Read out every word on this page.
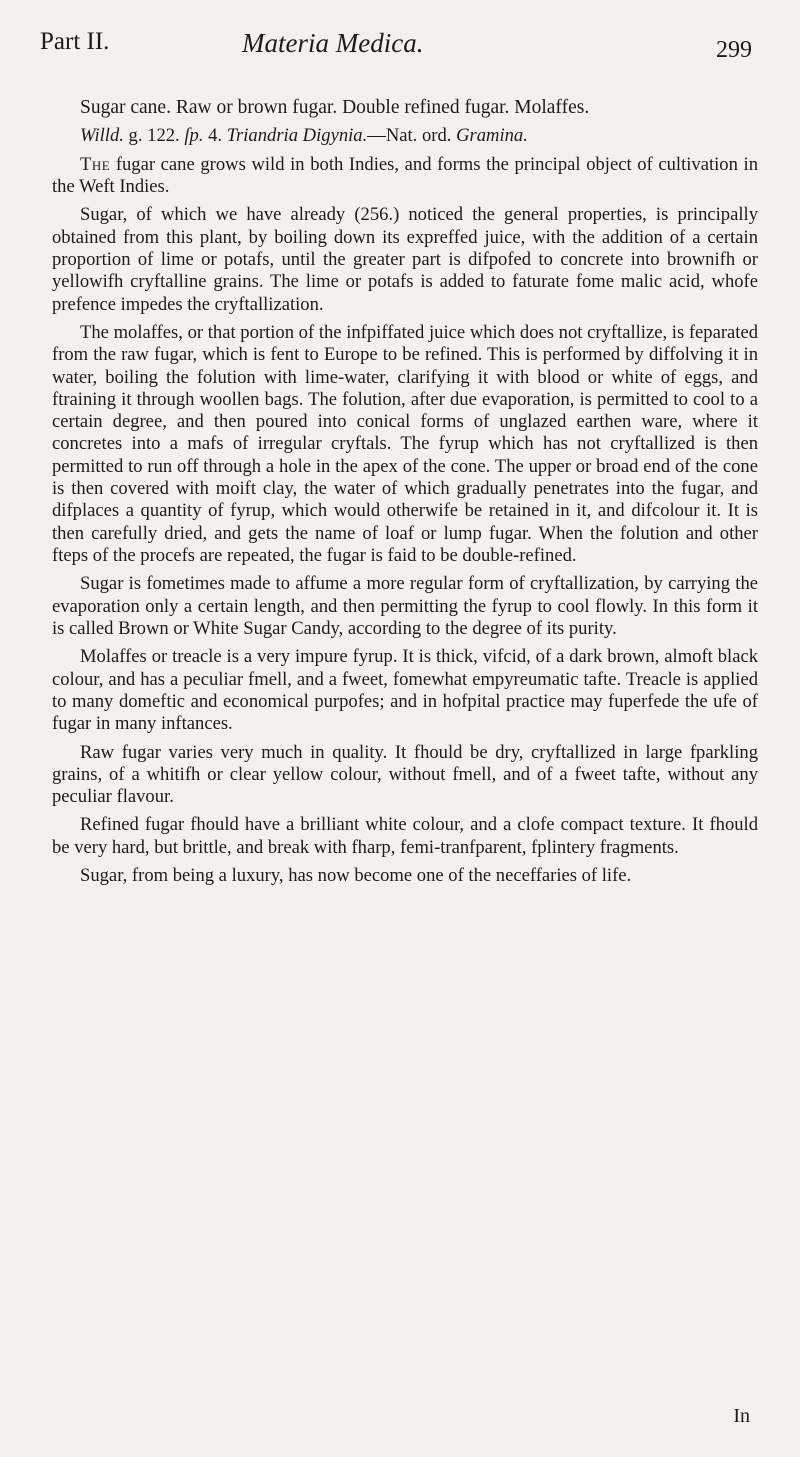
Part II.	Materia Medica.	299

Sugar cane. Raw or brown fugar. Double refined fugar. Molaffes.

Willd. g. 122. ſp. 4. Triandria Digynia.—Nat. ord. Gramina.

The fugar cane grows wild in both Indies, and forms the principal object of cultivation in the Weft Indies.

Sugar, of which we have already (256.) noticed the general properties, is principally obtained from this plant, by boiling down its expreffed juice, with the addition of a certain proportion of lime or potafs, until the greater part is difpofed to concrete into brownifh or yellowifh cryftalline grains. The lime or potafs is added to faturate fome malic acid, whofe prefence impedes the cryftallization.

The molaffes, or that portion of the infpiffated juice which does not cryftallize, is feparated from the raw fugar, which is fent to Europe to be refined. This is performed by diffolving it in water, boiling the folution with lime-water, clarifying it with blood or white of eggs, and ftraining it through woollen bags. The folution, after due evaporation, is permitted to cool to a certain degree, and then poured into conical forms of unglazed earthen ware, where it concretes into a mafs of irregular cryftals. The fyrup which has not cryftallized is then permitted to run off through a hole in the apex of the cone. The upper or broad end of the cone is then covered with moift clay, the water of which gradually penetrates into the fugar, and difplaces a quantity of fyrup, which would otherwife be retained in it, and difcolour it. It is then carefully dried, and gets the name of loaf or lump fugar. When the folution and other fteps of the procefs are repeated, the fugar is faid to be double-refined.

Sugar is fometimes made to affume a more regular form of cryftallization, by carrying the evaporation only a certain length, and then permitting the fyrup to cool flowly. In this form it is called Brown or White Sugar Candy, according to the degree of its purity.

Molaffes or treacle is a very impure fyrup. It is thick, vifcid, of a dark brown, almoft black colour, and has a peculiar fmell, and a fweet, fomewhat empyreumatic tafte. Treacle is applied to many domeftic and economical purpofes; and in hofpital practice may fuperfede the ufe of fugar in many inftances.

Raw fugar varies very much in quality. It fhould be dry, cryftallized in large fparkling grains, of a whitifh or clear yellow colour, without fmell, and of a fweet tafte, without any peculiar flavour.

Refined fugar fhould have a brilliant white colour, and a clofe compact texture. It fhould be very hard, but brittle, and break with fharp, femi-tranfparent, fplintery fragments.

Sugar, from being a luxury, has now become one of the neceffaries of life.

In
